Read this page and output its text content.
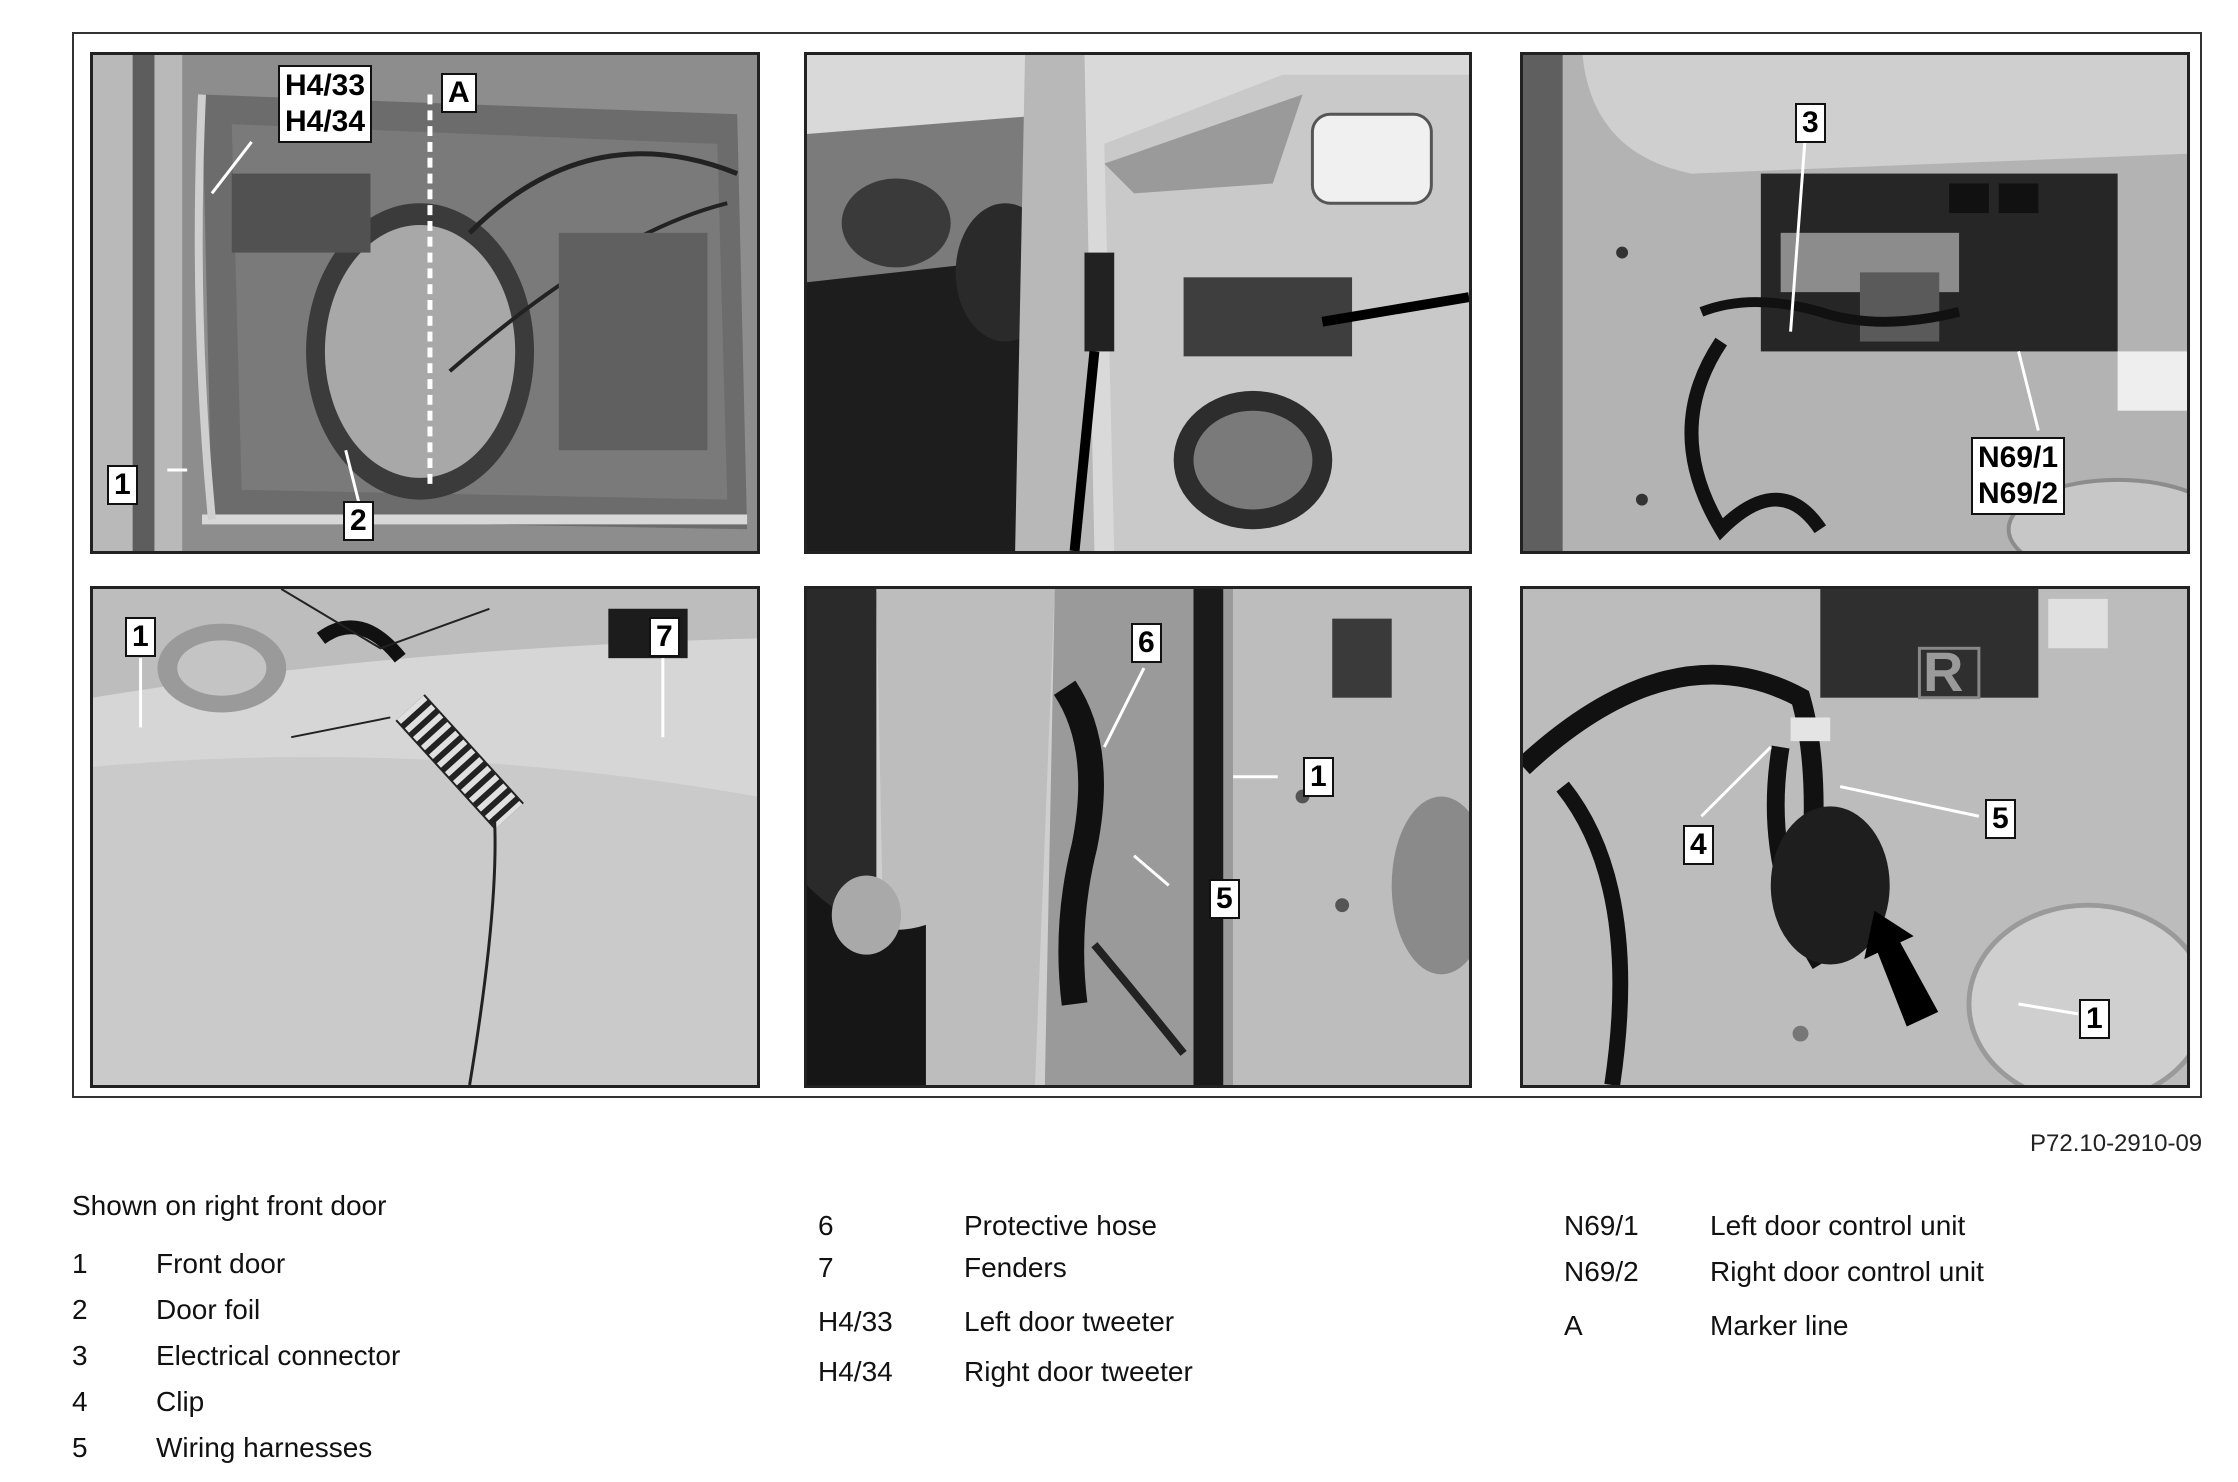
H4/33
H4/34
A
1
2
3
N69/1
N69/2
1	7	6
1
5
R
4
5
1
P72.10-2910-09
Shown on right front door
1 Front door
2 Door foil
3 Electrical connector
4 Clip
5 Wiring harnesses
6	Protective hose
7	Fenders
H4/33	Left door tweeter
H4/34	Right door tweeter
N69/1	Left door control unit
N69/2	Right door control unit
A	Marker line
